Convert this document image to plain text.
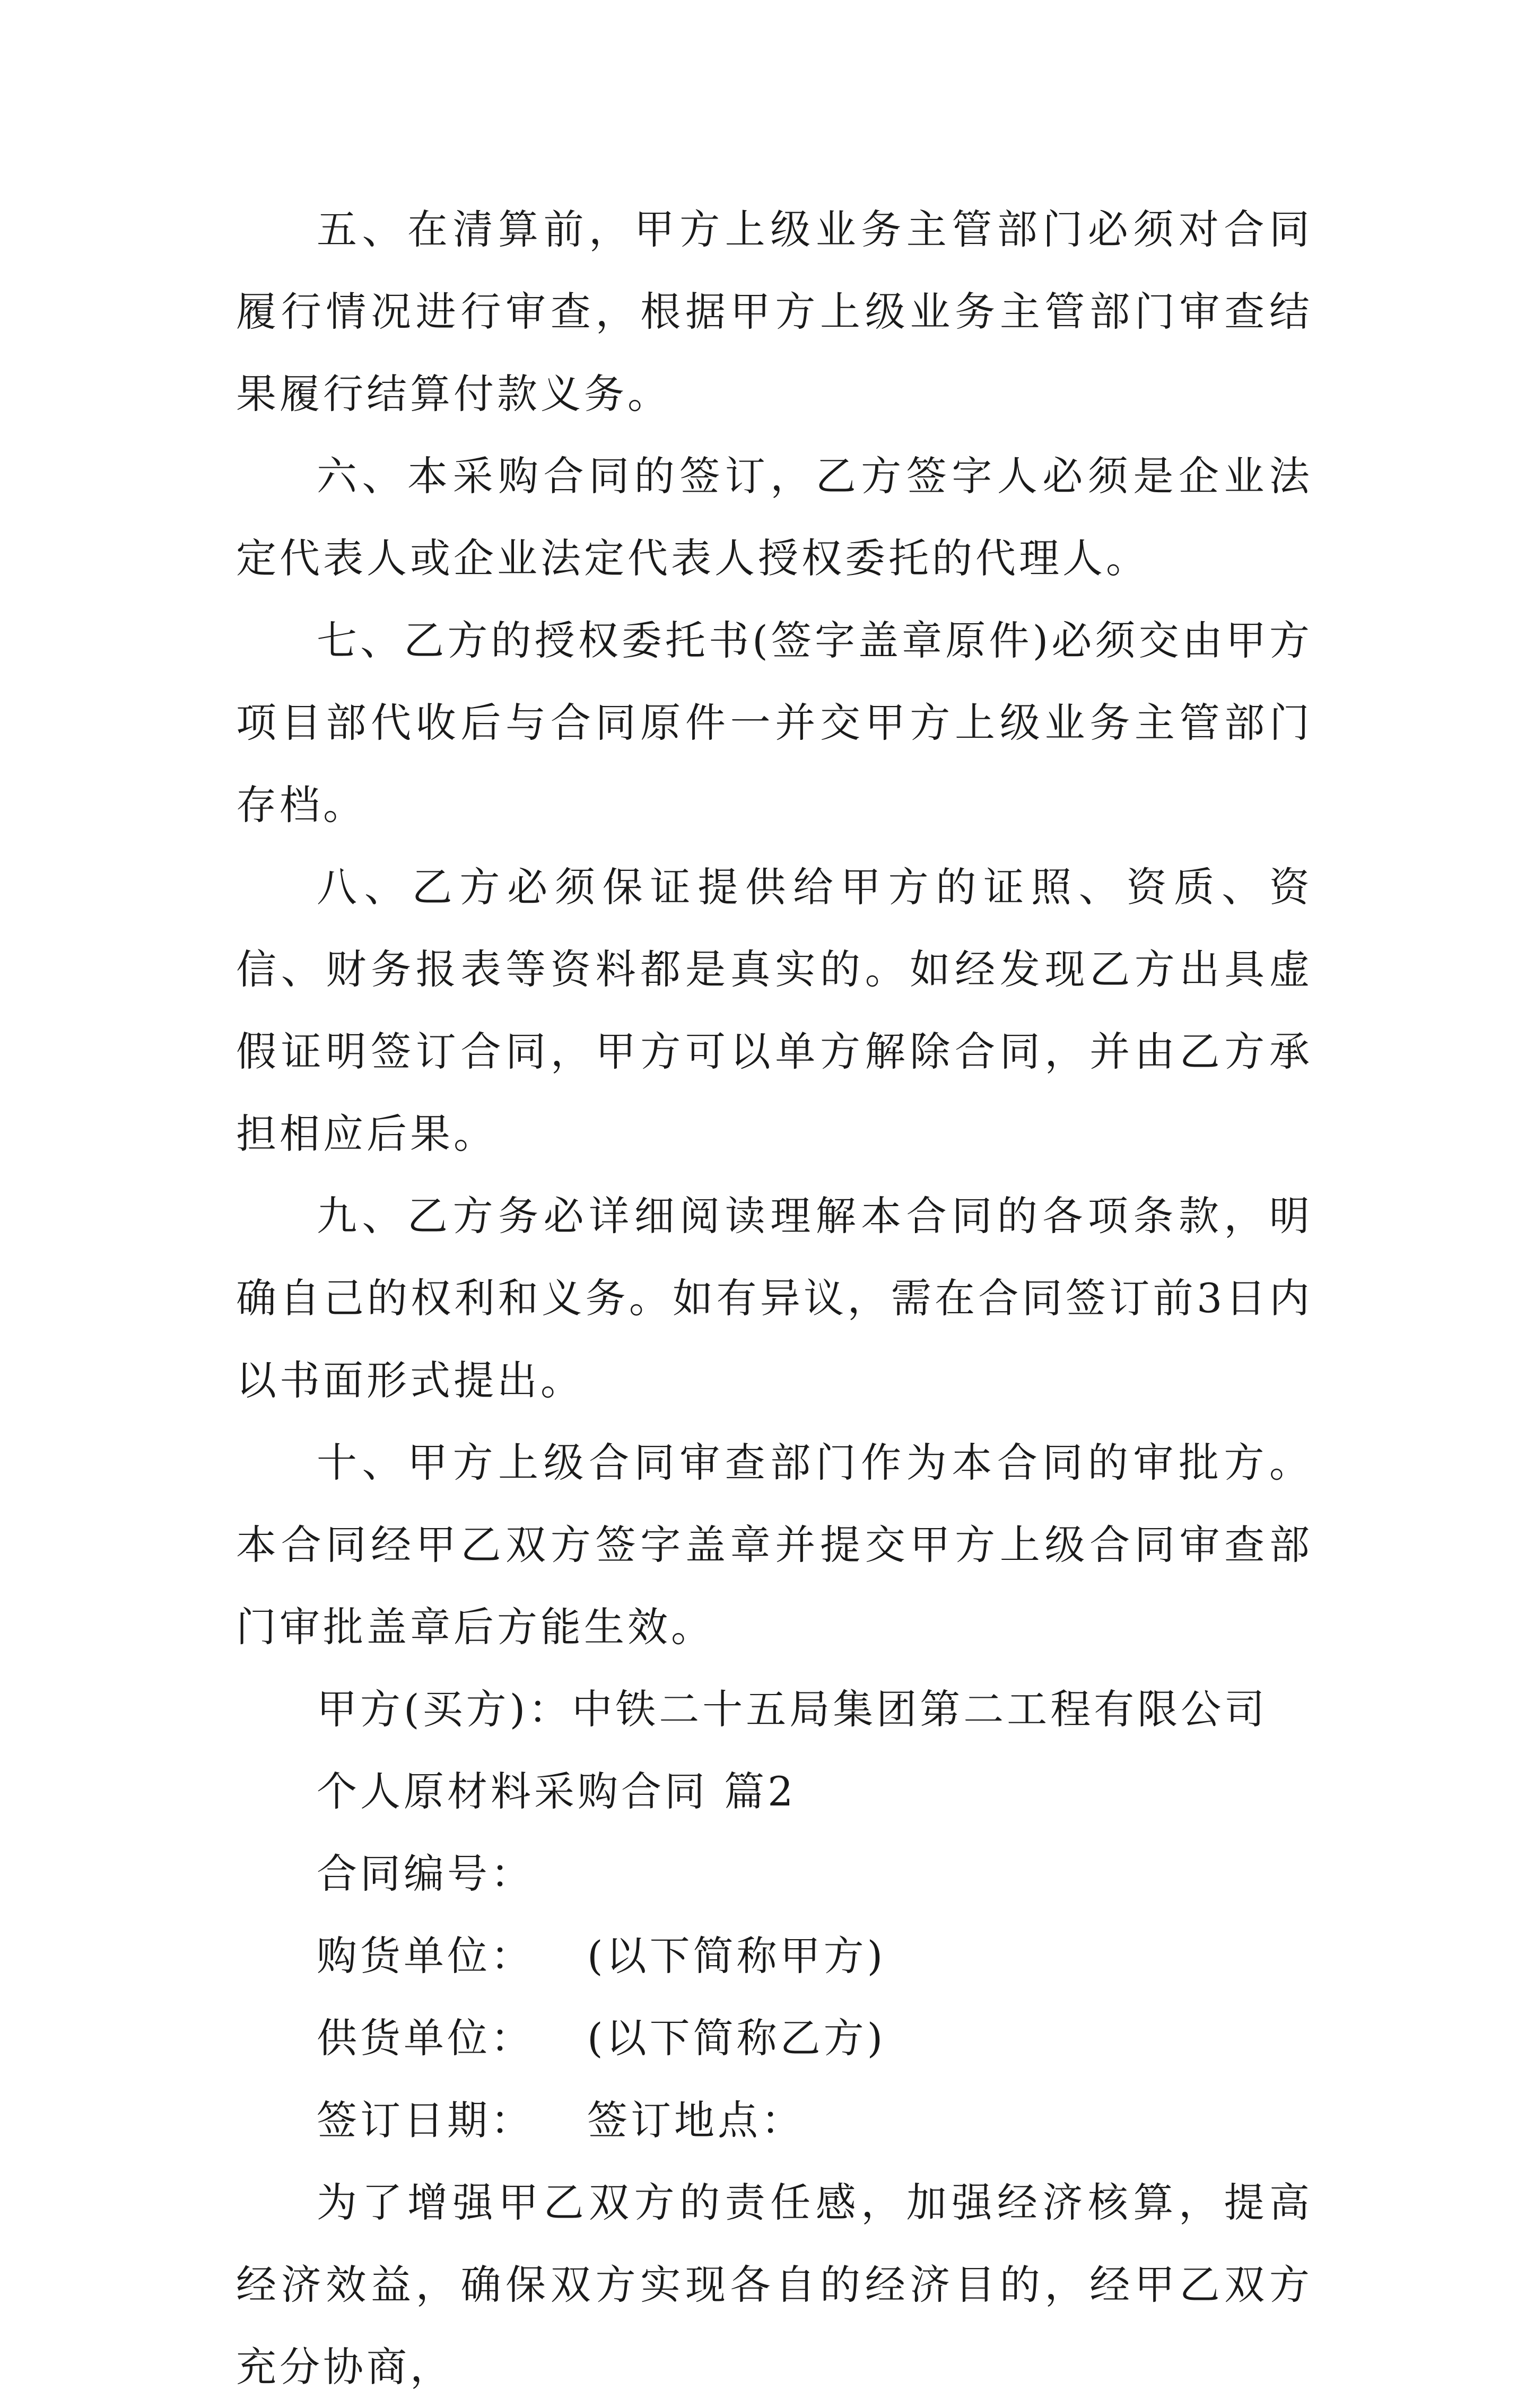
五、在清算前，甲方上级业务主管部门必须对合同履行情况进行审查，根据甲方上级业务主管部门审查结果履行结算付款义务。

六、本采购合同的签订，乙方签字人必须是企业法定代表人或企业法定代表人授权委托的代理人。

七、乙方的授权委托书(签字盖章原件)必须交由甲方项目部代收后与合同原件一并交甲方上级业务主管部门存档。

八、乙方必须保证提供给甲方的证照、资质、资信、财务报表等资料都是真实的。如经发现乙方出具虚假证明签订合同，甲方可以单方解除合同，并由乙方承担相应后果。

九、乙方务必详细阅读理解本合同的各项条款，明确自己的权利和义务。如有异议，需在合同签订前3日内以书面形式提出。

十、甲方上级合同审查部门作为本合同的审批方。本合同经甲乙双方签字盖章并提交甲方上级合同审查部门审批盖章后方能生效。

甲方(买方)：中铁二十五局集团第二工程有限公司

个人原材料采购合同 篇2

合同编号：

购货单位： (以下简称甲方)

供货单位： (以下简称乙方)

签订日期： 签订地点：

为了增强甲乙双方的责任感，加强经济核算，提高经济效益，确保双方实现各自的经济目的，经甲乙双方充分协商，
